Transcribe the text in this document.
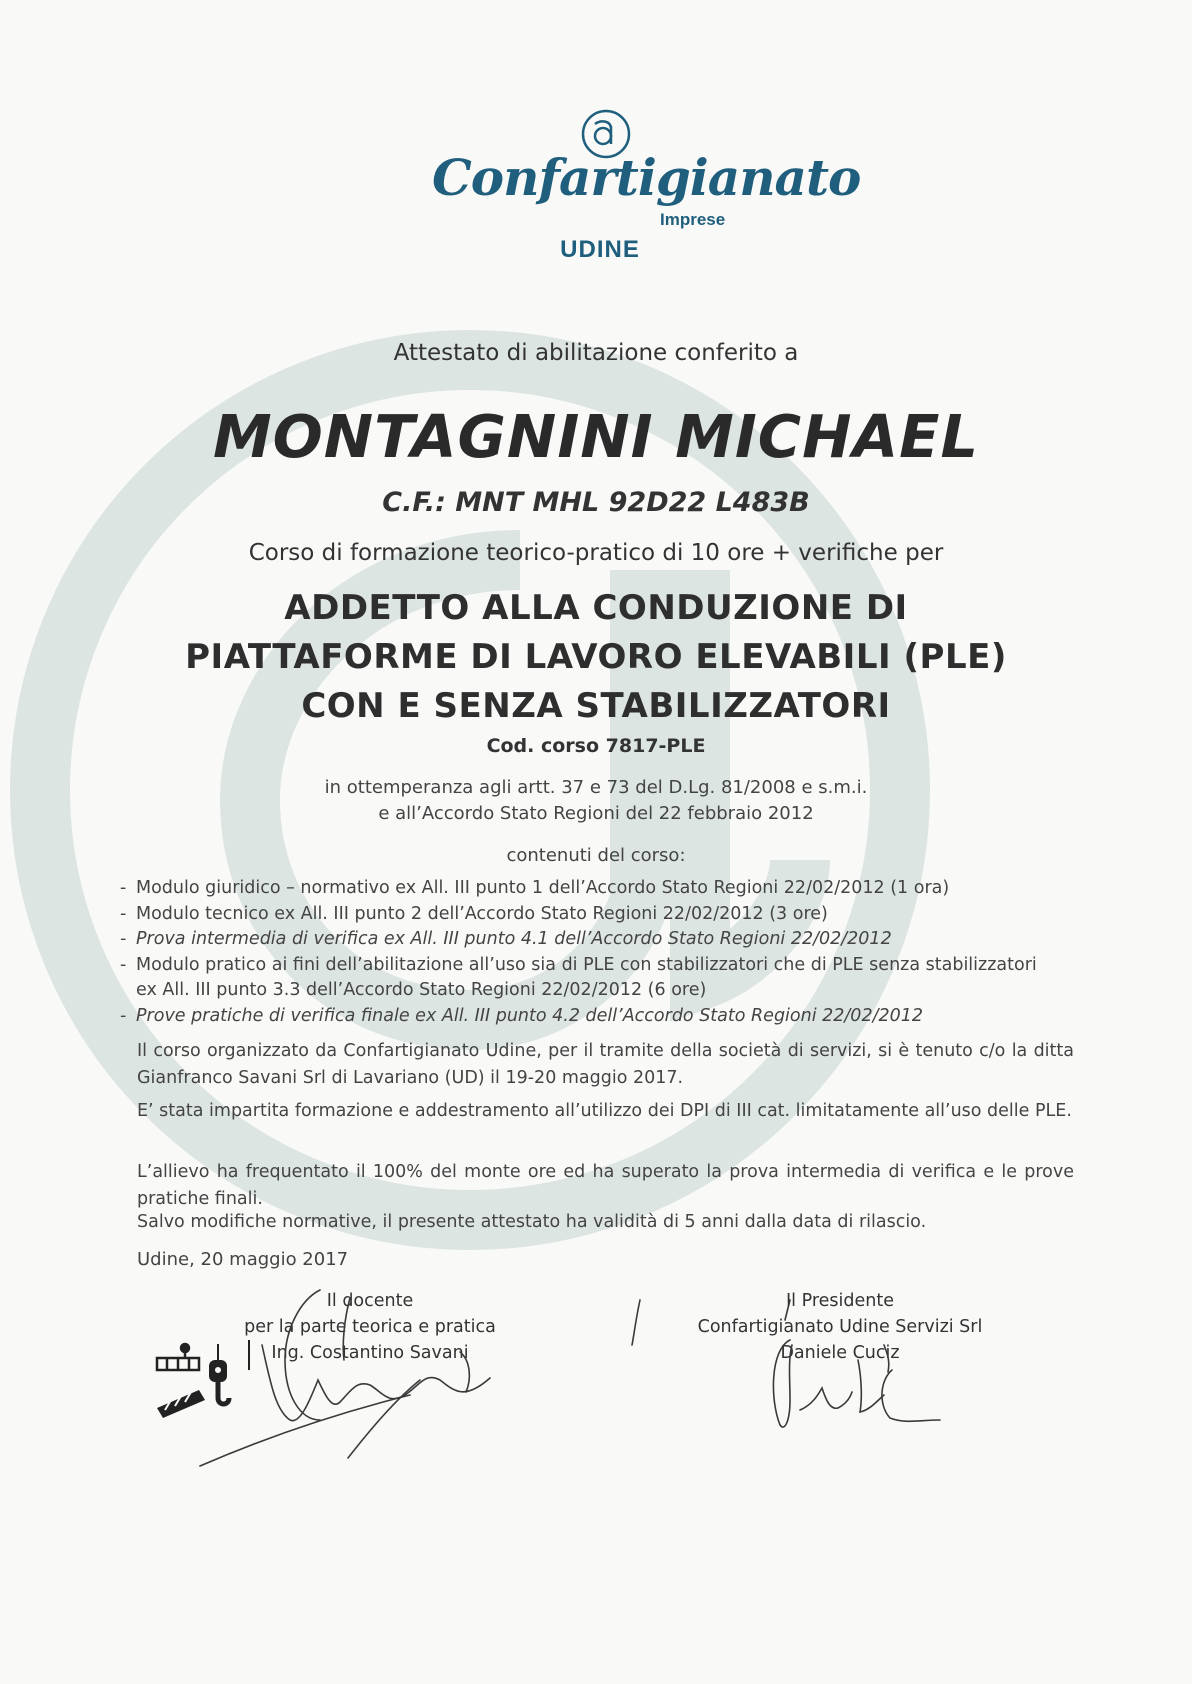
Confartigianato
Imprese
UDINE
Attestato di abilitazione conferito a
MONTAGNINI MICHAEL
C.F.: MNT MHL 92D22 L483B
Corso di formazione teorico-pratico di 10 ore + verifiche per
ADDETTO ALLA CONDUZIONE DI
PIATTAFORME DI LAVORO ELEVABILI (PLE)
CON E SENZA STABILIZZATORI
Cod. corso 7817-PLE
in ottemperanza agli artt. 37 e 73 del D.Lg. 81/2008 e s.m.i.
e all’Accordo Stato Regioni del 22 febbraio 2012
contenuti del corso:
- Modulo giuridico – normativo ex All. III punto 1 dell’Accordo Stato Regioni 22/02/2012 (1 ora)
- Modulo tecnico ex All. III punto 2 dell’Accordo Stato Regioni 22/02/2012 (3 ore)
- Prova intermedia di verifica ex All. III punto 4.1 dell’Accordo Stato Regioni 22/02/2012
- Modulo pratico ai fini dell’abilitazione all’uso sia di PLE con stabilizzatori che di PLE senza stabilizzatori
ex All. III punto 3.3 dell’Accordo Stato Regioni 22/02/2012 (6 ore)
- Prove pratiche di verifica finale ex All. III punto 4.2 dell’Accordo Stato Regioni 22/02/2012
Il corso organizzato da Confartigianato Udine, per il tramite della società di servizi, si è tenuto c/o la ditta Gianfranco Savani Srl di Lavariano (UD) il 19-20 maggio 2017.
E’ stata impartita formazione e addestramento all’utilizzo dei DPI di III cat. limitatamente all’uso delle PLE.
L’allievo ha frequentato il 100% del monte ore ed ha superato la prova intermedia di verifica e le prove pratiche finali.
Salvo modifiche normative, il presente attestato ha validità di 5 anni dalla data di rilascio.
Udine, 20 maggio 2017
Il docente
per la parte teorica e pratica
Ing. Costantino Savani
Il Presidente
Confartigianato Udine Servizi Srl
Daniele Cuciz
